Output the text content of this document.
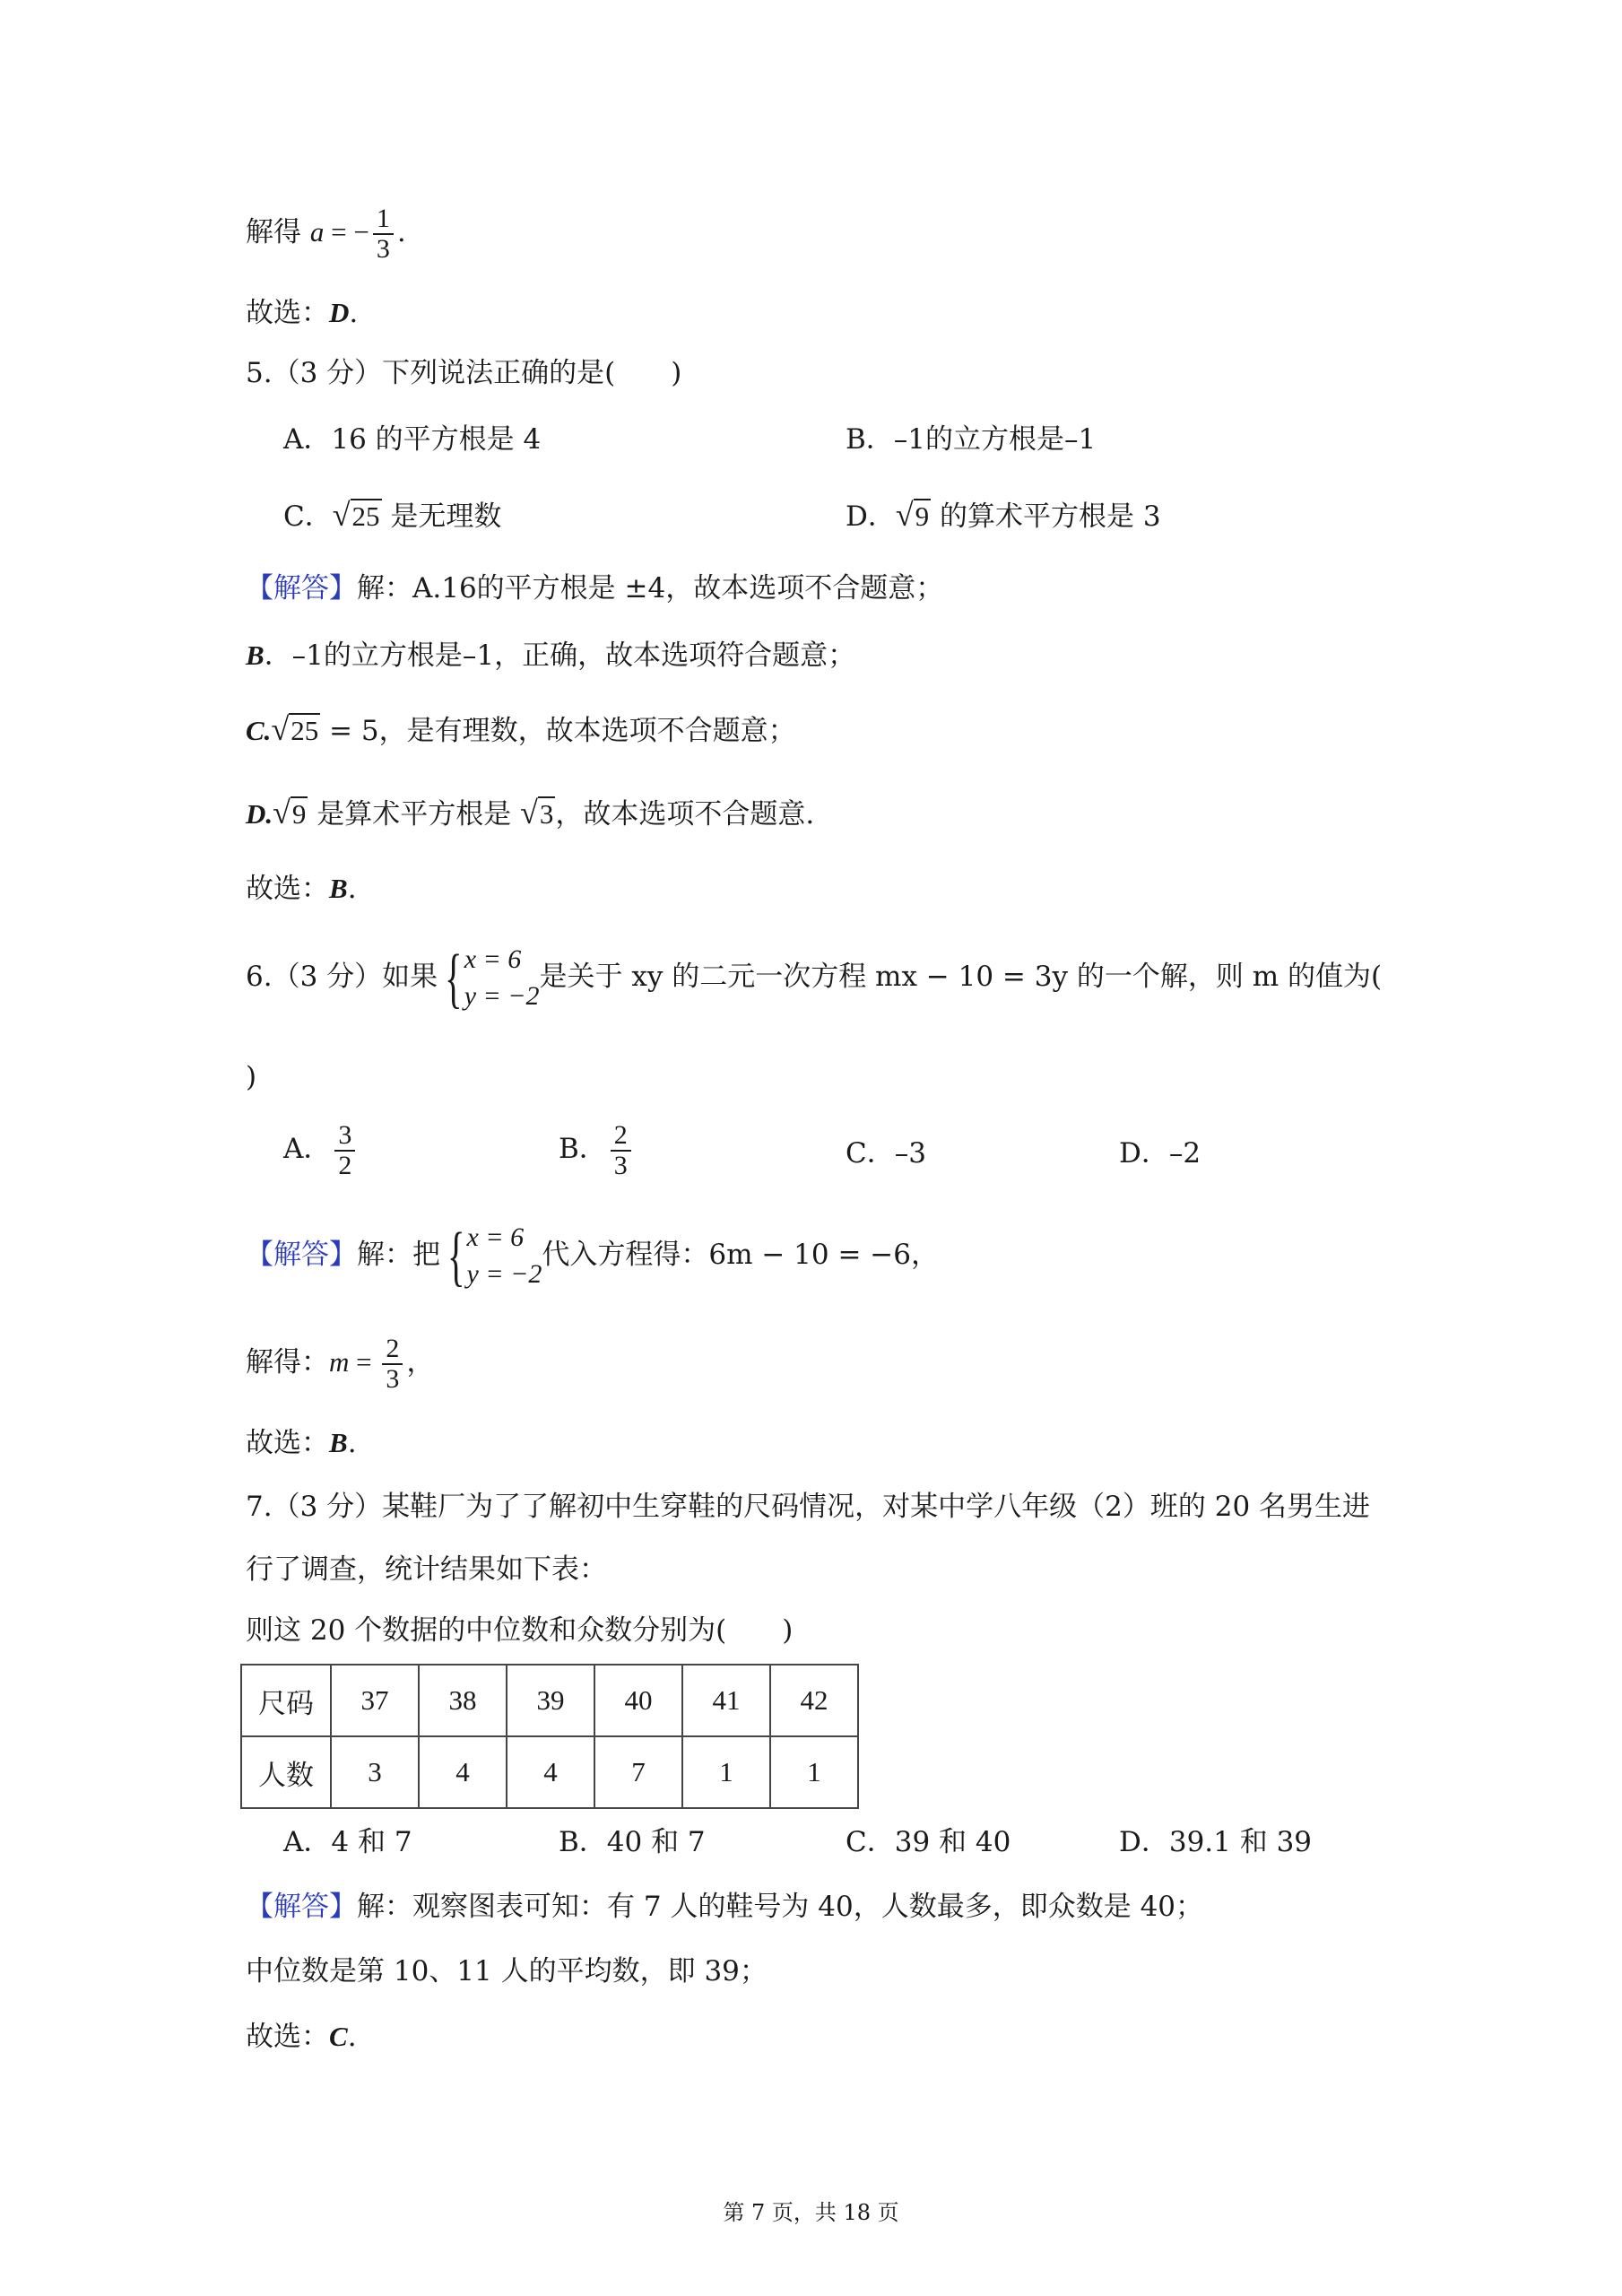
解得 a = − $\frac{1}{3}$ .
故选：D.
5.（3 分）下列说法正确的是(　　)
A．16 的平方根是 4	B．–1的立方根是–1
C． √ 25 是无理数	D． √ 9 的算术平方根是 3
【解答】解：A.16的平方根是 ±4，故本选项不合题意；
B．–1的立方根是–1，正确，故本选项符合题意；
C. √ 25 = 5，是有理数，故本选项不合题意；
D. √ 9 是算术平方根是 √ 3 ，故本选项不合题意.
故选：B.
6.（3 分）如果 { x = 6
y = −2
是关于 xy 的二元一次方程 mx − 10 = 3y 的一个解，则 m 的值为(
)
A． $\frac{3}{2}$	B． $\frac{2}{3}$	C．–3	D．–2
【解答】解：把 { x = 6
y = −2
代入方程得：6m − 10 = −6，
解得：$m = \frac{2}{3}$ ，
故选：B.
7.（3 分）某鞋厂为了了解初中生穿鞋的尺码情况，对某中学八年级（2）班的 20 名男生进
行了调查，统计结果如下表：
则这 20 个数据的中位数和众数分别为(　　)
尺码	37	38	39	40	41	42
人数	3	4	4	7	1	1
A．4 和 7	B．40 和 7	C．39 和 40	D．39.1 和 39
【解答】解：观察图表可知：有 7 人的鞋号为 40，人数最多，即众数是 40；
中位数是第 10、11 人的平均数，即 39；
故选：C.
第 7 页，共 18 页
